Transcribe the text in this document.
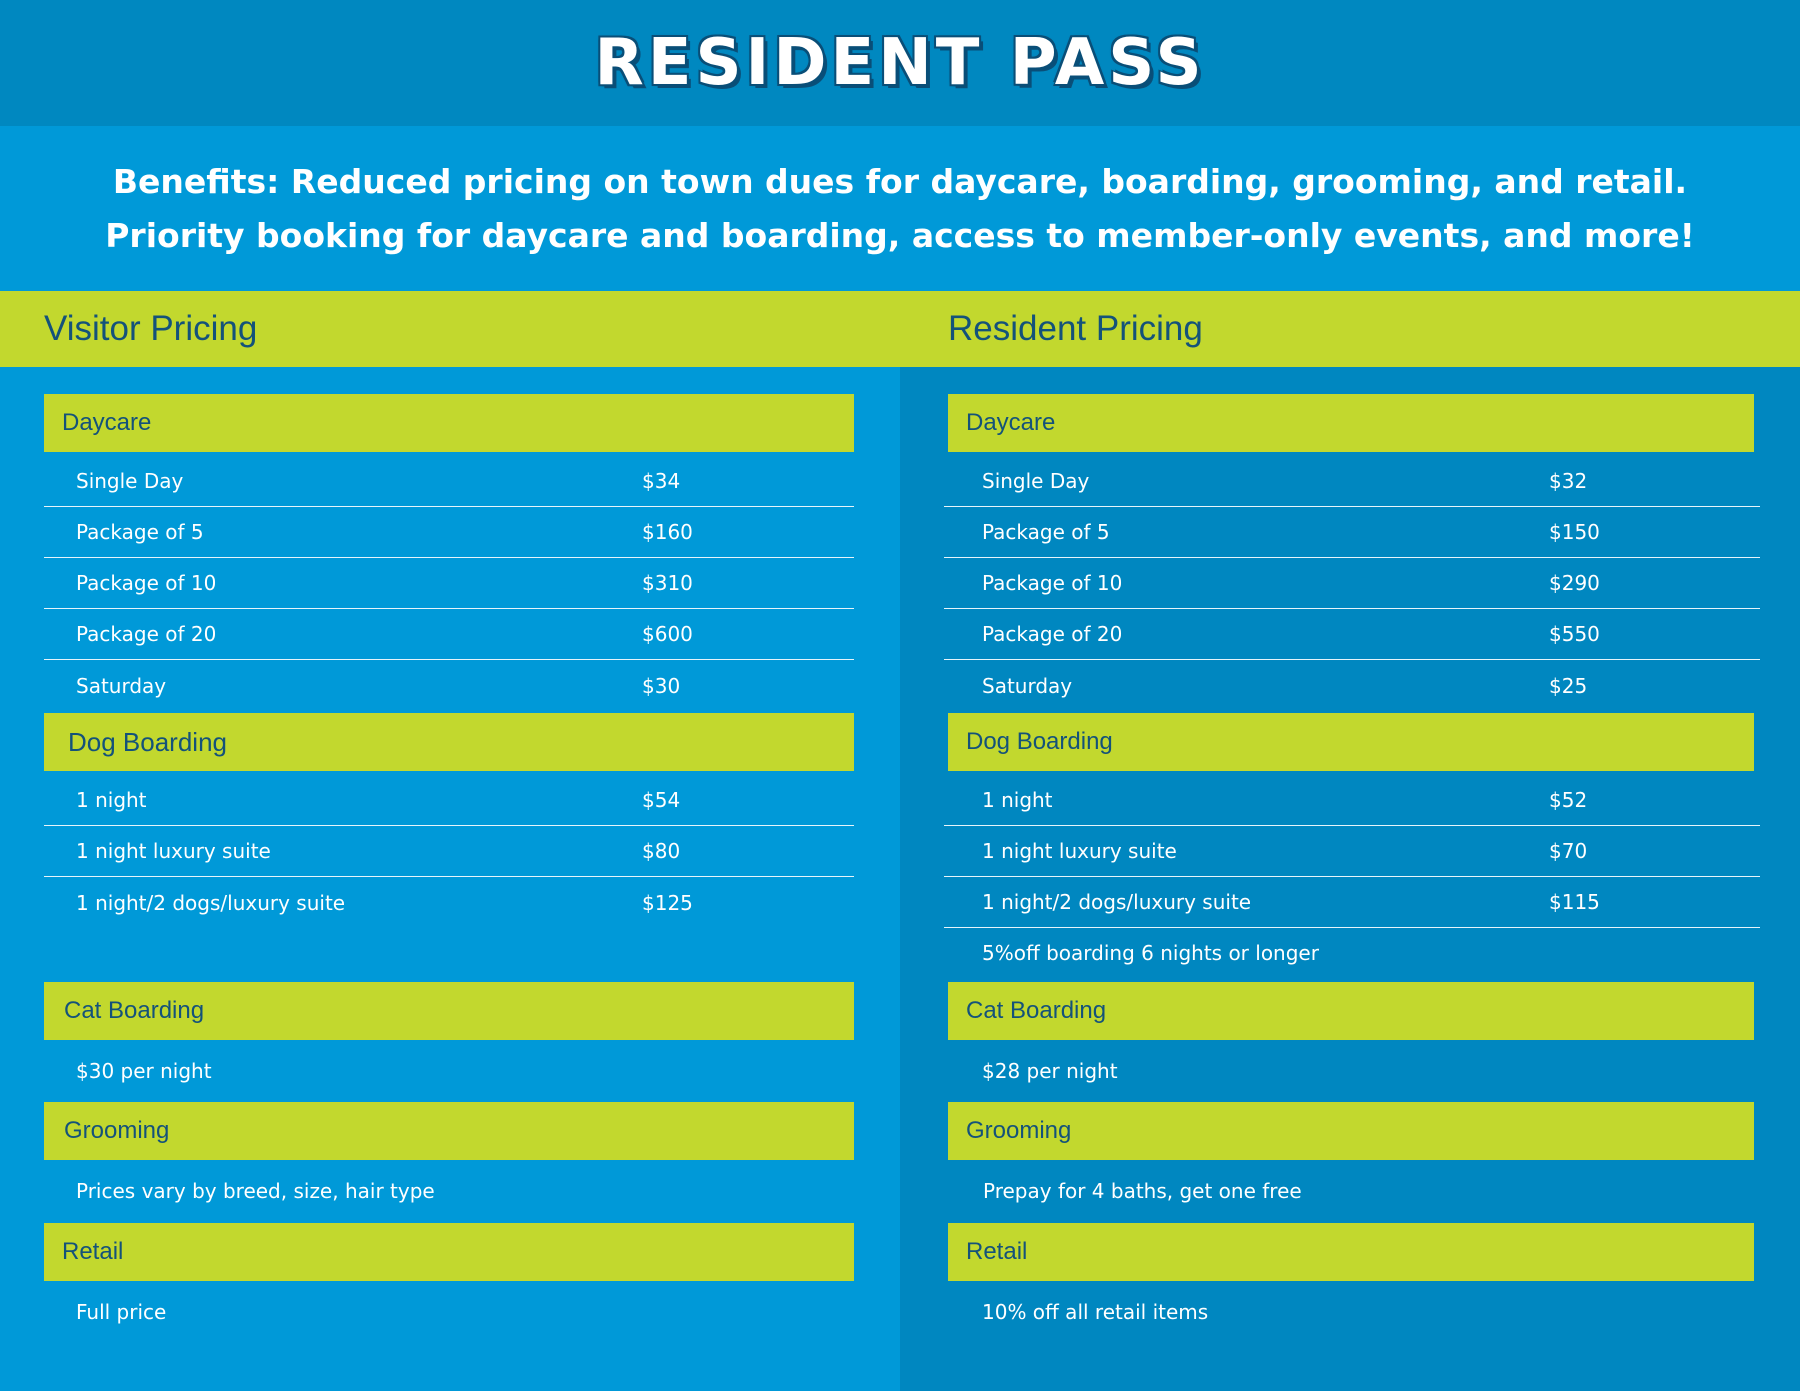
RESIDENT PASS
Benefits: Reduced pricing on town dues for daycare, boarding, grooming, and retail.
Priority booking for daycare and boarding, access to member-only events, and more!
Visitor Pricing	Resident Pricing
Daycare
Single Day	$34
Package of 5	$160
Package of 10	$310
Package of 20	$600
Saturday	$30
Dog Boarding
1 night	$54
1 night luxury suite	$80
1 night/2 dogs/luxury suite	$125
Cat Boarding
$30 per night
Grooming
Prices vary by breed, size, hair type
Retail
Full price
Daycare
Single Day	$32
Package of 5	$150
Package of 10	$290
Package of 20	$550
Saturday	$25
Dog Boarding
1 night	$52
1 night luxury suite	$70
1 night/2 dogs/luxury suite	$115
5%off boarding 6 nights or longer
Cat Boarding
$28 per night
Grooming
Prepay for 4 baths, get one free
Retail
10% off all retail items
